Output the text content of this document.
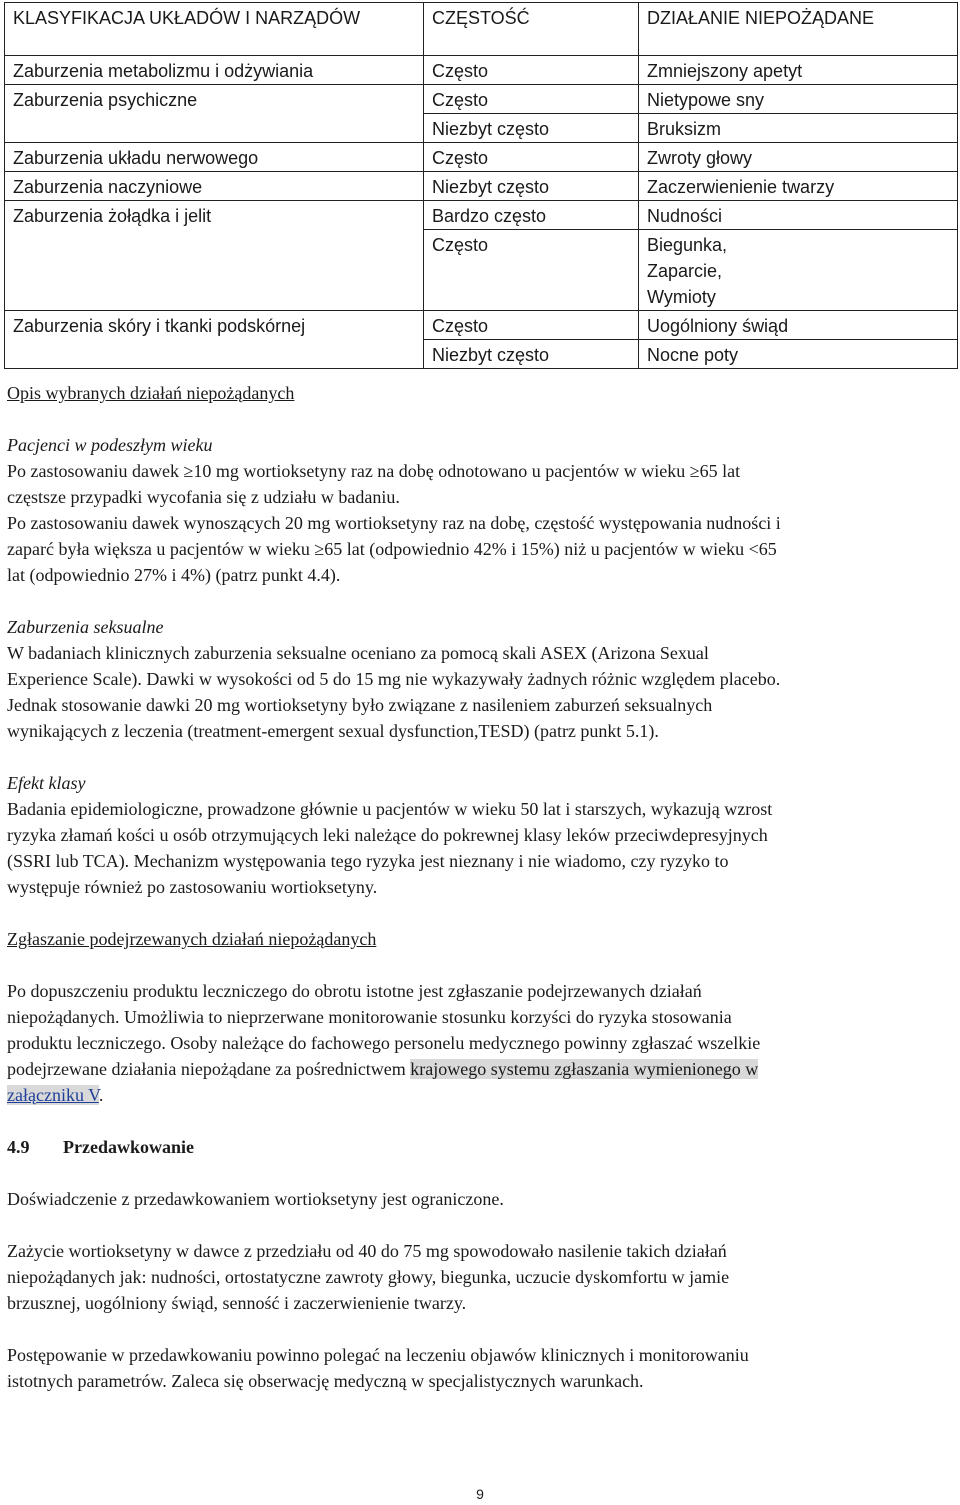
KLASYFIKACJA UKŁADÓW I NARZĄDÓW	CZĘSTOŚĆ	DZIAŁANIE NIEPOŻĄDANE
Zaburzenia metabolizmu i odżywiania	Często	Zmniejszony apetyt
Zaburzenia psychiczne	Często	Nietypowe sny
	Niezbyt często	Bruksizm
Zaburzenia układu nerwowego	Często	Zwroty głowy
Zaburzenia naczyniowe	Niezbyt często	Zaczerwienienie twarzy
Zaburzenia żołądka i jelit	Bardzo często	Nudności
	Często	Biegunka,
Zaparcie,
Wymioty

Zaburzenia skóry i tkanki podskórnej	Często	Uogólniony świąd
	Niezbyt często	Nocne poty

Opis wybranych działań niepożądanych

Pacjenci w podeszłym wieku

Po zastosowaniu dawek ≥10 mg wortioksetyny raz na dobę odnotowano u pacjentów w wieku ≥65 lat
częstsze przypadki wycofania się z udziału w badaniu.
Po zastosowaniu dawek wynoszących 20 mg wortioksetyny raz na dobę, częstość występowania nudności i
zaparć była większa u pacjentów w wieku ≥65 lat (odpowiednio 42% i 15%) niż u pacjentów w wieku <65
lat (odpowiednio 27% i 4%) (patrz punkt 4.4).

Zaburzenia seksualne

W badaniach klinicznych zaburzenia seksualne oceniano za pomocą skali ASEX (Arizona Sexual
Experience Scale). Dawki w wysokości od 5 do 15 mg nie wykazywały żadnych różnic względem placebo.
Jednak stosowanie dawki 20 mg wortioksetyny było związane z nasileniem zaburzeń seksualnych
wynikających z leczenia (treatment-emergent sexual dysfunction,TESD) (patrz punkt 5.1).

Efekt klasy

Badania epidemiologiczne, prowadzone głównie u pacjentów w wieku 50 lat i starszych, wykazują wzrost
ryzyka złamań kości u osób otrzymujących leki należące do pokrewnej klasy leków przeciwdepresyjnych
(SSRI lub TCA). Mechanizm występowania tego ryzyka jest nieznany i nie wiadomo, czy ryzyko to
występuje również po zastosowaniu wortioksetyny.

Zgłaszanie podejrzewanych działań niepożądanych

Po dopuszczeniu produktu leczniczego do obrotu istotne jest zgłaszanie podejrzewanych działań
niepożądanych. Umożliwia to nieprzerwane monitorowanie stosunku korzyści do ryzyka stosowania
produktu leczniczego. Osoby należące do fachowego personelu medycznego powinny zgłaszać wszelkie
podejrzewane działania niepożądane za pośrednictwem krajowego systemu zgłaszania wymienionego w
załączniku V.

4.9 Przedawkowanie

Doświadczenie z przedawkowaniem wortioksetyny jest ograniczone.

Zażycie wortioksetyny w dawce z przedziału od 40 do 75 mg spowodowało nasilenie takich działań
niepożądanych jak: nudności, ortostatyczne zawroty głowy, biegunka, uczucie dyskomfortu w jamie
brzusznej, uogólniony świąd, senność i zaczerwienienie twarzy.
Postępowanie w przedawkowaniu powinno polegać na leczeniu objawów klinicznych i monitorowaniu
istotnych parametrów. Zaleca się obserwację medyczną w specjalistycznych warunkach.
9
